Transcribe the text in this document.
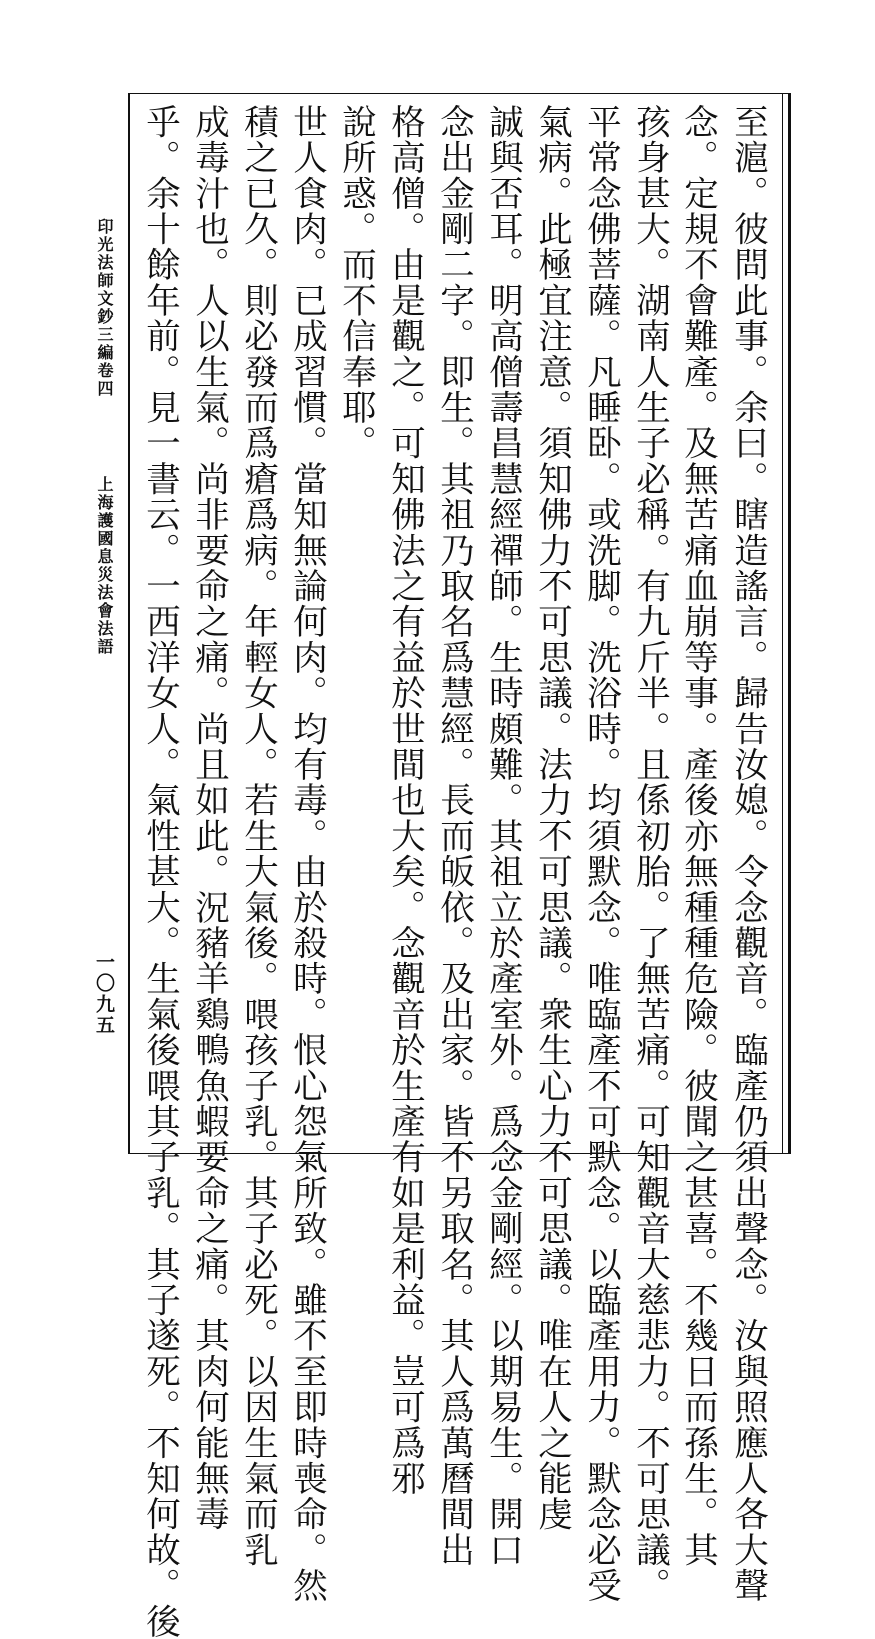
至滬。彼問此事。余曰。瞎造謠言。歸告汝媳。令念觀音。臨產仍須出聲念。汝與照應人各大聲
念。定規不會難產。及無苦痛血崩等事。產後亦無種種危險。彼聞之甚喜。不幾日而孫生。其
孩身甚大。湖南人生子必稱。有九斤半。且係初胎。了無苦痛。可知觀音大慈悲力。不可思議。
平常念佛菩薩。凡睡卧。或洗脚。洗浴時。均須默念。唯臨產不可默念。以臨產用力。默念必受
氣病。此極宜注意。須知佛力不可思議。法力不可思議。衆生心力不可思議。唯在人之能虔
誠與否耳。明高僧壽昌慧經禪師。生時頗難。其祖立於產室外。爲念金剛經。以期易生。開口
念出金剛二字。即生。其祖乃取名爲慧經。長而皈依。及出家。皆不另取名。其人爲萬曆間出
格高僧。由是觀之。可知佛法之有益於世間也大矣。念觀音於生產有如是利益。豈可爲邪
說所惑。而不信奉耶。
世人食肉。已成習慣。當知無論何肉。均有毒。由於殺時。恨心怨氣所致。雖不至即時喪命。然
積之已久。則必發而爲瘡爲病。年輕女人。若生大氣後。喂孩子乳。其子必死。以因生氣而乳
成毒汁也。人以生氣。尚非要命之痛。尚且如此。況豬羊鷄鴨魚蝦要命之痛。其肉何能無毒
乎。余十餘年前。見一書云。一西洋女人。氣性甚大。生氣後喂其子乳。其子遂死。不知何故。後
印光法師文鈔三編卷四
上海護國息災法會法語
一〇九五
